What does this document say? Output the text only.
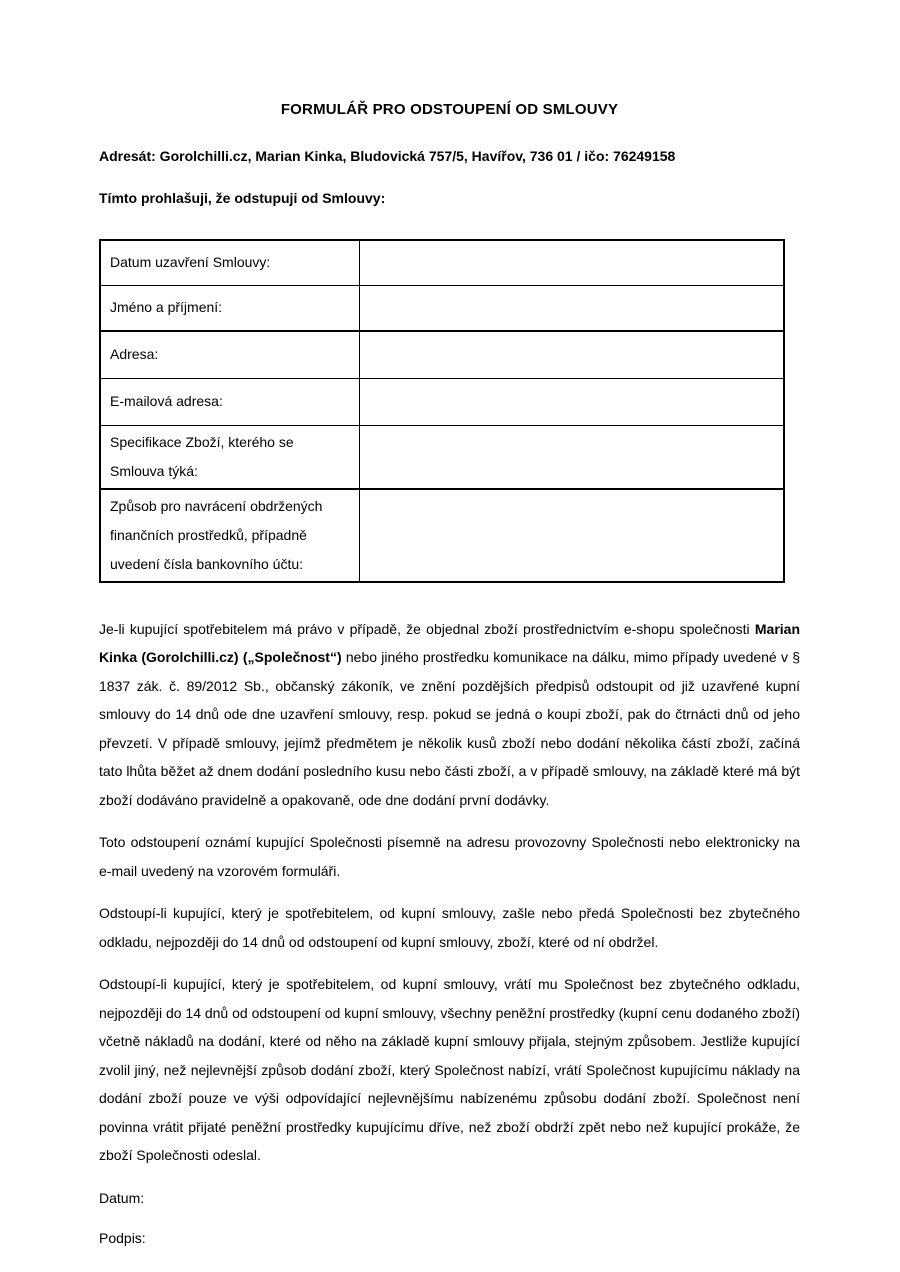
FORMULÁŘ PRO ODSTOUPENÍ OD SMLOUVY

Adresát: Gorolchilli.cz, Marian Kinka, Bludovická 757/5, Havířov, 736 01 / ičo: 76249158

Tímto prohlašuji, že odstupuji od Smlouvy:

Datum uzavření Smlouvy:	
Jméno a příjmení:	
Adresa:	
E-mailová adresa:	
Specifikace Zboží, kterého se Smlouva týká:	
Způsob pro navrácení obdržených finančních prostředků, případně uvedení čísla bankovního účtu:	

Je-li kupující spotřebitelem má právo v případě, že objednal zboží prostřednictvím e-shopu společnosti Marian Kinka (Gorolchilli.cz) („Společnost“) nebo jiného prostředku komunikace na dálku, mimo případy uvedené v § 1837 zák. č. 89/2012 Sb., občanský zákoník, ve znění pozdějších předpisů odstoupit od již uzavřené kupní smlouvy do 14 dnů ode dne uzavření smlouvy, resp. pokud se jedná o koupi zboží, pak do čtrnácti dnů od jeho převzetí. V případě smlouvy, jejímž předmětem je několik kusů zboží nebo dodání několika částí zboží, začíná tato lhůta běžet až dnem dodání posledního kusu nebo části zboží, a v případě smlouvy, na základě které má být zboží dodáváno pravidelně a opakovaně, ode dne dodání první dodávky.

Toto odstoupení oznámí kupující Společnosti písemně na adresu provozovny Společnosti nebo elektronicky na e-mail uvedený na vzorovém formuláři.

Odstoupí-li kupující, který je spotřebitelem, od kupní smlouvy, zašle nebo předá Společnosti bez zbytečného odkladu, nejpozději do 14 dnů od odstoupení od kupní smlouvy, zboží, které od ní obdržel.

Odstoupí-li kupující, který je spotřebitelem, od kupní smlouvy, vrátí mu Společnost bez zbytečného odkladu, nejpozději do 14 dnů od odstoupení od kupní smlouvy, všechny peněžní prostředky (kupní cenu dodaného zboží) včetně nákladů na dodání, které od něho na základě kupní smlouvy přijala, stejným způsobem. Jestliže kupující zvolil jiný, než nejlevnější způsob dodání zboží, který Společnost nabízí, vrátí Společnost kupujícímu náklady na dodání zboží pouze ve výši odpovídající nejlevnějšímu nabízenému způsobu dodání zboží. Společnost není povinna vrátit přijaté peněžní prostředky kupujícímu dříve, než zboží obdrží zpět nebo než kupující prokáže, že zboží Společnosti odeslal.

Datum:

Podpis:
